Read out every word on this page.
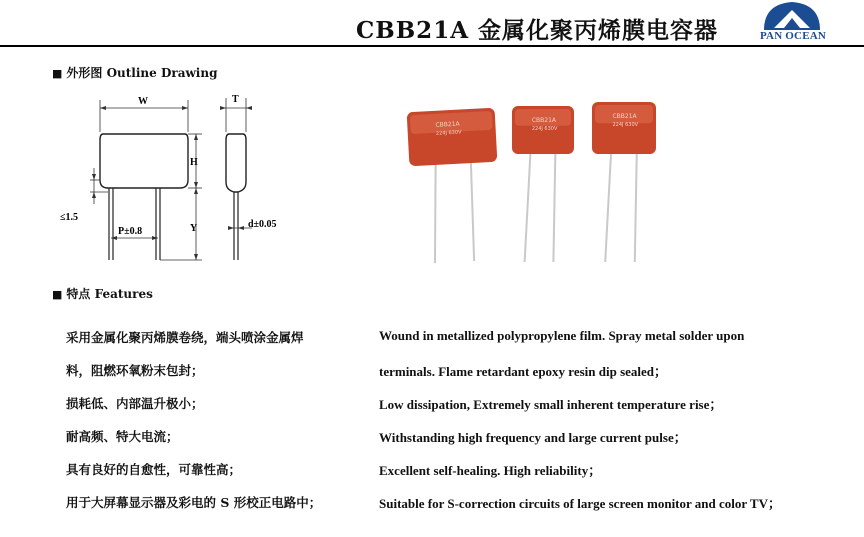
CBB21A 金属化聚丙烯膜电容器	PAN OCEAN
■ 外形图 Outline Drawing
W
≤1.5
P±0.8
H
Y
T
d±0.05
CBB21A
224J 630V
CBB21A
224J 630V
CBB21A
224J 630V
■ 特点 Features
采用金属化聚丙烯膜卷绕，端头喷涂金属焊	Wound in metallized polypropylene film. Spray metal solder upon
料，阻燃环氧粉末包封；	terminals. Flame retardant epoxy resin dip sealed；
损耗低、内部温升极小；	Low dissipation, Extremely small inherent temperature rise；
耐高频、特大电流；	Withstanding high frequency and large current pulse；
具有良好的自愈性，可靠性高；	Excellent self-healing. High reliability；
用于大屏幕显示器及彩电的 S 形校正电路中；	Suitable for S-correction circuits of large screen monitor and color TV；
